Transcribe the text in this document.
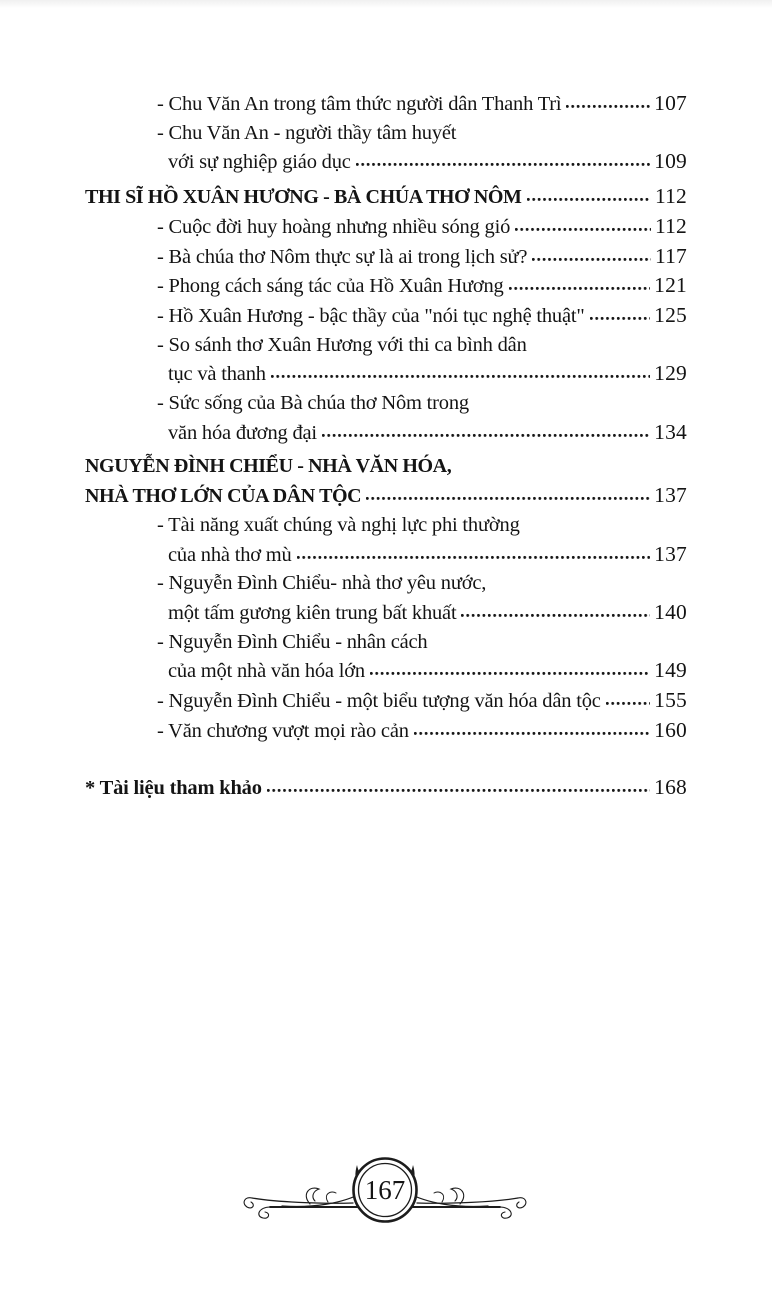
- Chu Văn An trong tâm thức người dân Thanh Trì	107
- Chu Văn An - người thầy tâm huyết
với sự nghiệp giáo dục	109
THI SĨ HỒ XUÂN HƯƠNG - BÀ CHÚA THƠ NÔM	112
- Cuộc đời huy hoàng nhưng nhiều sóng gió	112
- Bà chúa thơ Nôm thực sự là ai trong lịch sử?	117
- Phong cách sáng tác của Hồ Xuân Hương	121
- Hồ Xuân Hương - bậc thầy của "nói tục nghệ thuật"	125
- So sánh thơ Xuân Hương với thi ca bình dân
tục và thanh	129
- Sức sống của Bà chúa thơ Nôm trong
văn hóa đương đại	134
NGUYỄN ĐÌNH CHIỂU - NHÀ VĂN HÓA,
NHÀ THƠ LỚN CỦA DÂN TỘC	137
- Tài năng xuất chúng và nghị lực phi thường
của nhà thơ mù	137
- Nguyễn Đình Chiểu- nhà thơ yêu nước,
một tấm gương kiên trung bất khuất	140
- Nguyễn Đình Chiểu - nhân cách
của một nhà văn hóa lớn	149
- Nguyễn Đình Chiểu - một biểu tượng văn hóa dân tộc 155
- Văn chương vượt mọi rào cản	160
* Tài liệu tham khảo	168
167
